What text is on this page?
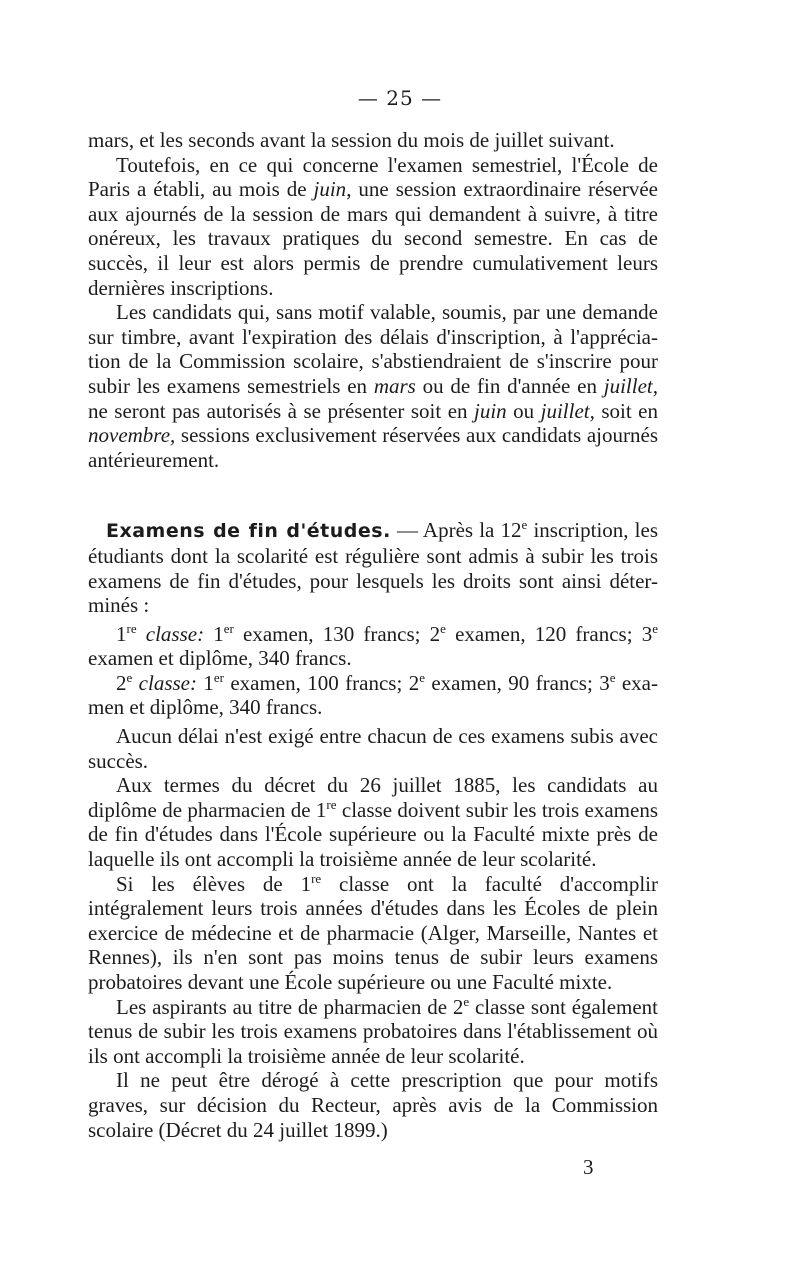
— 25 —

mars, et les seconds avant la session du mois de juillet suivant.

Toutefois, en ce qui concerne l'examen semestriel, l'École de Paris a établi, au mois de juin, une session extraordinaire réservée aux ajournés de la session de mars qui demandent à suivre, à titre onéreux, les travaux pratiques du second semestre. En cas de succès, il leur est alors permis de prendre cumulativement leurs dernières inscriptions.

Les candidats qui, sans motif valable, soumis, par une demande sur timbre, avant l'expiration des délais d'inscription, à l'apprécia-tion de la Commission scolaire, s'abstiendraient de s'inscrire pour subir les examens semestriels en mars ou de fin d'année en juillet, ne seront pas autorisés à se présenter soit en juin ou juillet, soit en novembre, sessions exclusivement réservées aux candidats ajournés antérieurement.

Examens de fin d'études. — Après la 12e inscription, les étudiants dont la scolarité est régulière sont admis à subir les trois examens de fin d'études, pour lesquels les droits sont ainsi déter-minés :

1re classe: 1er examen, 130 francs; 2e examen, 120 francs; 3e examen et diplôme, 340 francs.

2e classe: 1er examen, 100 francs; 2e examen, 90 francs; 3e exa-men et diplôme, 340 francs.

Aucun délai n'est exigé entre chacun de ces examens subis avec succès.

Aux termes du décret du 26 juillet 1885, les candidats au diplôme de pharmacien de 1re classe doivent subir les trois examens de fin d'études dans l'École supérieure ou la Faculté mixte près de laquelle ils ont accompli la troisième année de leur scolarité.

Si les élèves de 1re classe ont la faculté d'accomplir intégralement leurs trois années d'études dans les Écoles de plein exercice de médecine et de pharmacie (Alger, Marseille, Nantes et Rennes), ils n'en sont pas moins tenus de subir leurs examens probatoires devant une École supérieure ou une Faculté mixte.

Les aspirants au titre de pharmacien de 2e classe sont également tenus de subir les trois examens probatoires dans l'établissement où ils ont accompli la troisième année de leur scolarité.

Il ne peut être dérogé à cette prescription que pour motifs graves, sur décision du Recteur, après avis de la Commission scolaire (Décret du 24 juillet 1899.)

3
